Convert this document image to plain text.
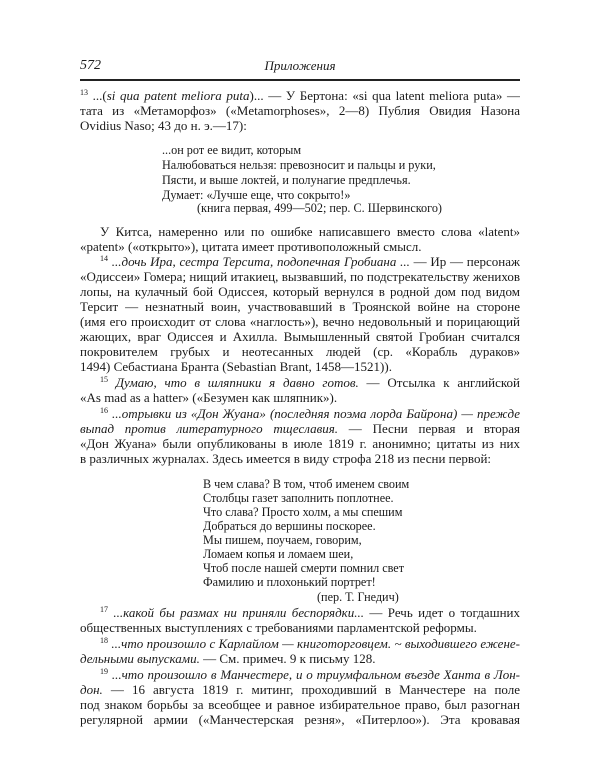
572	Приложения
$^{13}$ ...(si qua patent meliora puta)... — У Бертона: «si qua latent meliora puta» —
тата из «Метаморфоз» («Metamorphoses», 2—8) Публия Овидия Назона
Ovidius Naso; 43 до н. э.—17):
...он рот ее видит, которым
Налюбоваться нельзя: превозносит и пальцы и руки,
Пясти, и выше локтей, и полунагие предплечья.
Думает: «Лучше еще, что сокрыто!»
(книга первая, 499—502; пер. С. Шервинского)
У Китса, намеренно или по ошибке написавшего вместо слова «latent»
«patent» («открыто»), цитата имеет противоположный смысл.
$^{14}$ ...дочь Ира, сестра Терсита, подопечная Гробиана ... — Ир — персонаж
«Одиссеи» Гомера; нищий итакиец, вызвавший, по подстрекательству женихов
лопы, на кулачный бой Одиссея, который вернулся в родной дом под видом
Терсит — незнатный воин, участвовавший в Троянской войне на стороне
(имя его происходит от слова «наглость»), вечно недовольный и порицающий
жающих, враг Одиссея и Ахилла. Вымышленный святой Гробиан считался
покровителем грубых и неотесанных людей (ср. «Корабль дураков»
1494) Себастиана Бранта (Sebastian Brant, 1458—1521)).
$^{15}$ Думаю, что в шляпники я давно готов. — Отсылка к английской
«As mad as a hatter» («Безумен как шляпник»).
$^{16}$ ...отрывки из «Дон Жуана» (последняя поэма лорда Байрона) — прежде
выпад против литературного тщеславия. — Песни первая и вторая
«Дон Жуана» были опубликованы в июле 1819 г. анонимно; цитаты из них
в различных журналах. Здесь имеется в виду строфа 218 из песни первой:
В чем слава? В том, чтоб именем своим
Столбцы газет заполнить поплотнее.
Что слава? Просто холм, а мы спешим
Добраться до вершины поскорее.
Мы пишем, поучаем, говорим,
Ломаем копья и ломаем шеи,
Чтоб после нашей смерти помнил свет
Фамилию и плохонький портрет!
(пер. Т. Гнедич)
$^{17}$ ...какой бы размах ни приняли беспорядки... — Речь идет о тогдашних
общественных выступлениях с требованиями парламентской реформы.
$^{18}$ ...что произошло с Карлайлом — книготорговцем. ~ выходившего еженe-
дельными выпусками. — См. примеч. 9 к письму 128.
$^{19}$ ...что произошло в Манчестере, и о триумфальном въезде Ханта в Лон-
дон. — 16 августа 1819 г. митинг, проходивший в Манчестере на поле
под знаком борьбы за всеобщее и равное избирательное право, был разогнан
регулярной армии («Манчестерская резня», «Питерлоо»). Эта кровавая
